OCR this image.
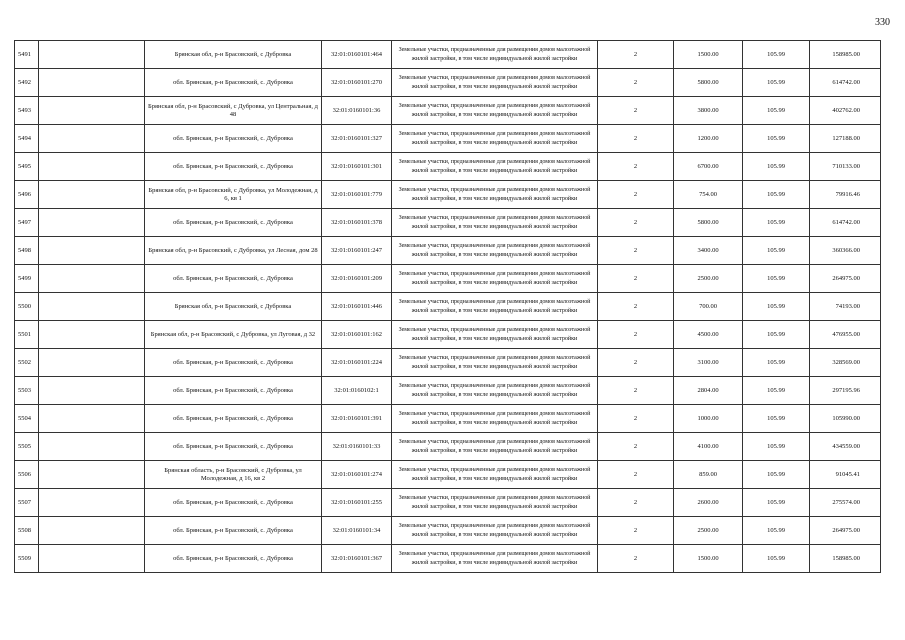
330
5491		Брянская обл, р-н Брасовский, с Дубровка	32:01:0160101:464	Земельные участки, предназначенные для размещения домов малоэтажной жилой застройки, в том числе индивидуальной жилой застройки	2	1500.00	105.99	158985.00
5492		обл. Брянская, р-н Брасовский, с. Дубровка	32:01:0160101:270	Земельные участки, предназначенные для размещения домов малоэтажной жилой застройки, в том числе индивидуальной жилой застройки	2	5800.00	105.99	614742.00
5493		Брянская обл, р-н Брасовский, с Дубровка, ул Центральная, д 48	32:01:0160101:36	Земельные участки, предназначенные для размещения домов малоэтажной жилой застройки, в том числе индивидуальной жилой застройки	2	3800.00	105.99	402762.00
5494		обл. Брянская, р-н Брасовский, с. Дубровка	32:01:0160101:327	Земельные участки, предназначенные для размещения домов малоэтажной жилой застройки, в том числе индивидуальной жилой застройки	2	1200.00	105.99	127188.00
5495		обл. Брянская, р-н Брасовский, с. Дубровка	32:01:0160101:301	Земельные участки, предназначенные для размещения домов малоэтажной жилой застройки, в том числе индивидуальной жилой застройки	2	6700.00	105.99	710133.00
5496		Брянская обл, р-н Брасовский, с Дубровка, ул Молодежная, д 6, кв 1	32:01:0160101:779	Земельные участки, предназначенные для размещения домов малоэтажной жилой застройки, в том числе индивидуальной жилой застройки	2	754.00	105.99	79916.46
5497		обл. Брянская, р-н Брасовский, с. Дубровка	32:01:0160101:378	Земельные участки, предназначенные для размещения домов малоэтажной жилой застройки, в том числе индивидуальной жилой застройки	2	5800.00	105.99	614742.00
5498		Брянская обл, р-н Брасовский, с Дубровка, ул Лесная, дом 28	32:01:0160101:247	Земельные участки, предназначенные для размещения домов малоэтажной жилой застройки, в том числе индивидуальной жилой застройки	2	3400.00	105.99	360366.00
5499		обл. Брянская, р-н Брасовский, с. Дубровка	32:01:0160101:209	Земельные участки, предназначенные для размещения домов малоэтажной жилой застройки, в том числе индивидуальной жилой застройки	2	2500.00	105.99	264975.00
5500		Брянская обл, р-н Брасовский, с Дубровка	32:01:0160101:446	Земельные участки, предназначенные для размещения домов малоэтажной жилой застройки, в том числе индивидуальной жилой застройки	2	700.00	105.99	74193.00
5501		Брянская обл, р-н Брасовский, с Дубровка, ул Луговая, д 32	32:01:0160101:162	Земельные участки, предназначенные для размещения домов малоэтажной жилой застройки, в том числе индивидуальной жилой застройки	2	4500.00	105.99	476955.00
5502		обл. Брянская, р-н Брасовский, с. Дубровка	32:01:0160101:224	Земельные участки, предназначенные для размещения домов малоэтажной жилой застройки, в том числе индивидуальной жилой застройки	2	3100.00	105.99	328569.00
5503		обл. Брянская, р-н Брасовский, с. Дубровка	32:01:0160102:1	Земельные участки, предназначенные для размещения домов малоэтажной жилой застройки, в том числе индивидуальной жилой застройки	2	2804.00	105.99	297195.96
5504		обл. Брянская, р-н Брасовский, с. Дубровка	32:01:0160101:391	Земельные участки, предназначенные для размещения домов малоэтажной жилой застройки, в том числе индивидуальной жилой застройки	2	1000.00	105.99	105990.00
5505		обл. Брянская, р-н Брасовский, с. Дубровка	32:01:0160101:33	Земельные участки, предназначенные для размещения домов малоэтажной жилой застройки, в том числе индивидуальной жилой застройки	2	4100.00	105.99	434559.00
5506		Брянская область, р-н Брасовский, с Дубровка, ул Молодежная, д 16, кв 2	32:01:0160101:274	Земельные участки, предназначенные для размещения домов малоэтажной жилой застройки, в том числе индивидуальной жилой застройки	2	859.00	105.99	91045.41
5507		обл. Брянская, р-н Брасовский, с. Дубровка	32:01:0160101:255	Земельные участки, предназначенные для размещения домов малоэтажной жилой застройки, в том числе индивидуальной жилой застройки	2	2600.00	105.99	275574.00
5508		обл. Брянская, р-н Брасовский, с. Дубровка	32:01:0160101:34	Земельные участки, предназначенные для размещения домов малоэтажной жилой застройки, в том числе индивидуальной жилой застройки	2	2500.00	105.99	264975.00
5509		обл. Брянская, р-н Брасовский, с. Дубровка	32:01:0160101:367	Земельные участки, предназначенные для размещения домов малоэтажной жилой застройки, в том числе индивидуальной жилой застройки	2	1500.00	105.99	158985.00
